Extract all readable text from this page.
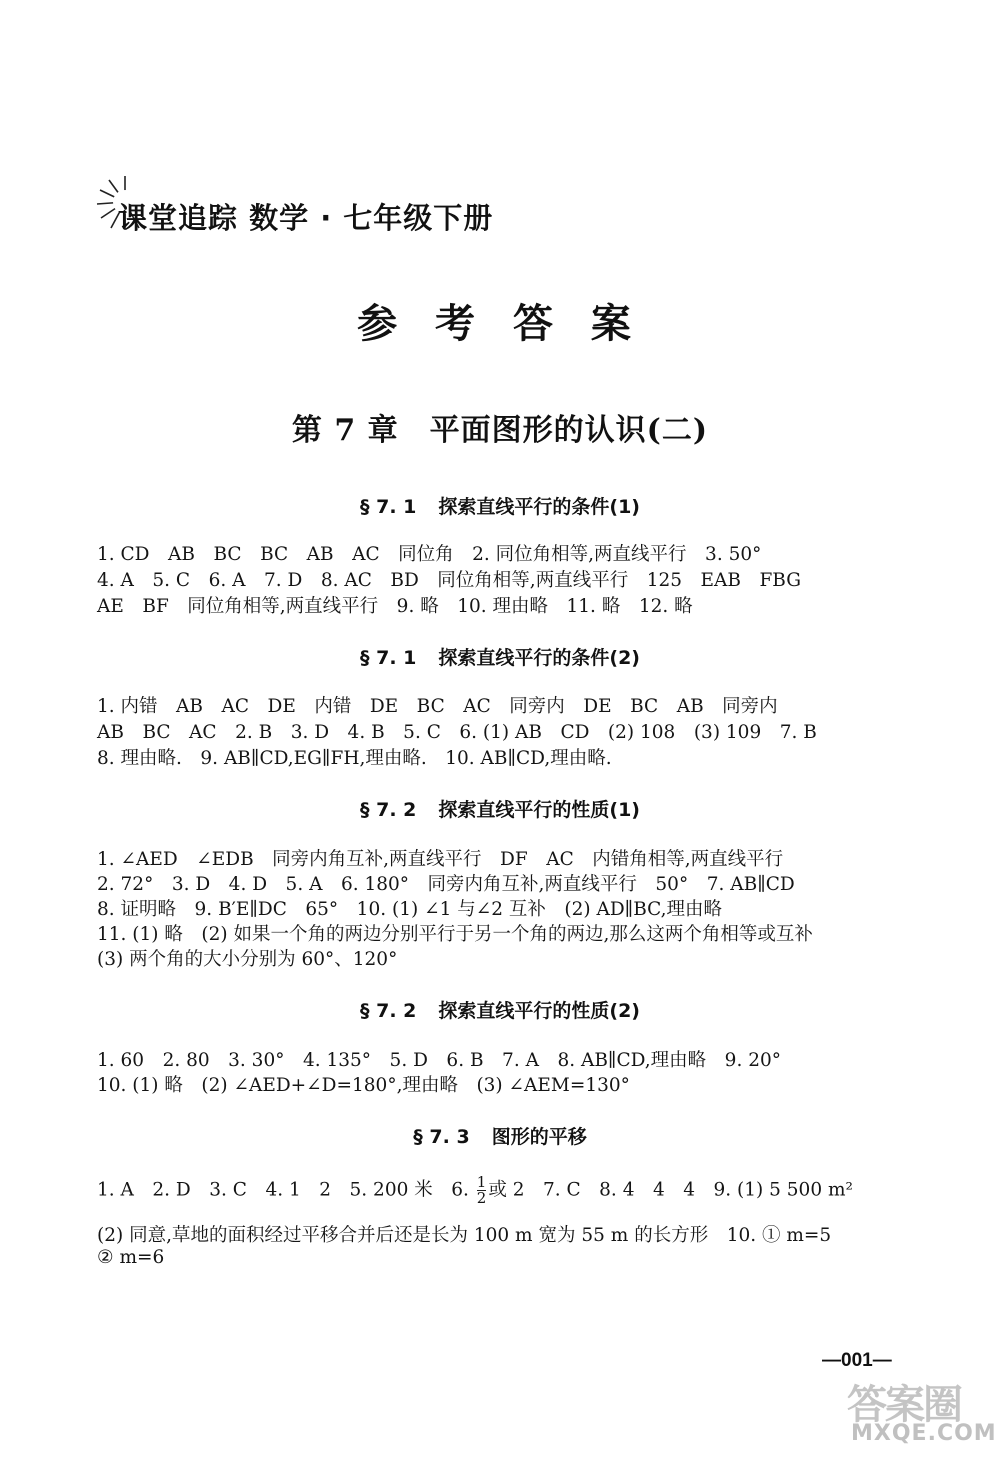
课堂追踪 数学 · 七年级下册
参 考 答 案
第 7 章　平面图形的认识(二)
§ 7. 1 探索直线平行的条件(1)
1. CD　AB　BC　BC　AB　AC　同位角　2. 同位角相等,两直线平行　3. 50°
4. A　5. C　6. A　7. D　8. AC　BD　同位角相等,两直线平行　125　EAB　FBG
AE　BF　同位角相等,两直线平行　9. 略　10. 理由略　11. 略　12. 略
§ 7. 1 探索直线平行的条件(2)
1. 内错　AB　AC　DE　内错　DE　BC　AC　同旁内　DE　BC　AB　同旁内
AB　BC　AC　2. B　3. D　4. B　5. C　6. (1) AB　CD　(2) 108　(3) 109　7. B
8. 理由略.　9. AB∥CD,EG∥FH,理由略.　10. AB∥CD,理由略.
§ 7. 2 探索直线平行的性质(1)
1. ∠AED　∠EDB　同旁内角互补,两直线平行　DF　AC　内错角相等,两直线平行
2. 72°　3. D　4. D　5. A　6. 180°　同旁内角互补,两直线平行　50°　7. AB∥CD
8. 证明略　9. B′E∥DC　65°　10. (1) ∠1 与∠2 互补　(2) AD∥BC,理由略
11. (1) 略　(2) 如果一个角的两边分别平行于另一个角的两边,那么这两个角相等或互补
(3) 两个角的大小分别为 60°、120°
§ 7. 2 探索直线平行的性质(2)
1. 60　2. 80　3. 30°　4. 135°　5. D　6. B　7. A　8. AB∥CD,理由略　9. 20°
10. (1) 略　(2) ∠AED+∠D=180°,理由略　(3) ∠AEM=130°
§ 7. 3 图形的平移
1. A　2. D　3. C　4. 1　2　5. 200 米　6. $\frac{1}{2}$ 或 2　7. C　8. 4　4　4　9. (1) 5 500 m²
(2) 同意,草地的面积经过平移合并后还是长为 100 m 宽为 55 m 的长方形　10. ① m=5
② m=6
—001—
答案圈
MXQE.COM
